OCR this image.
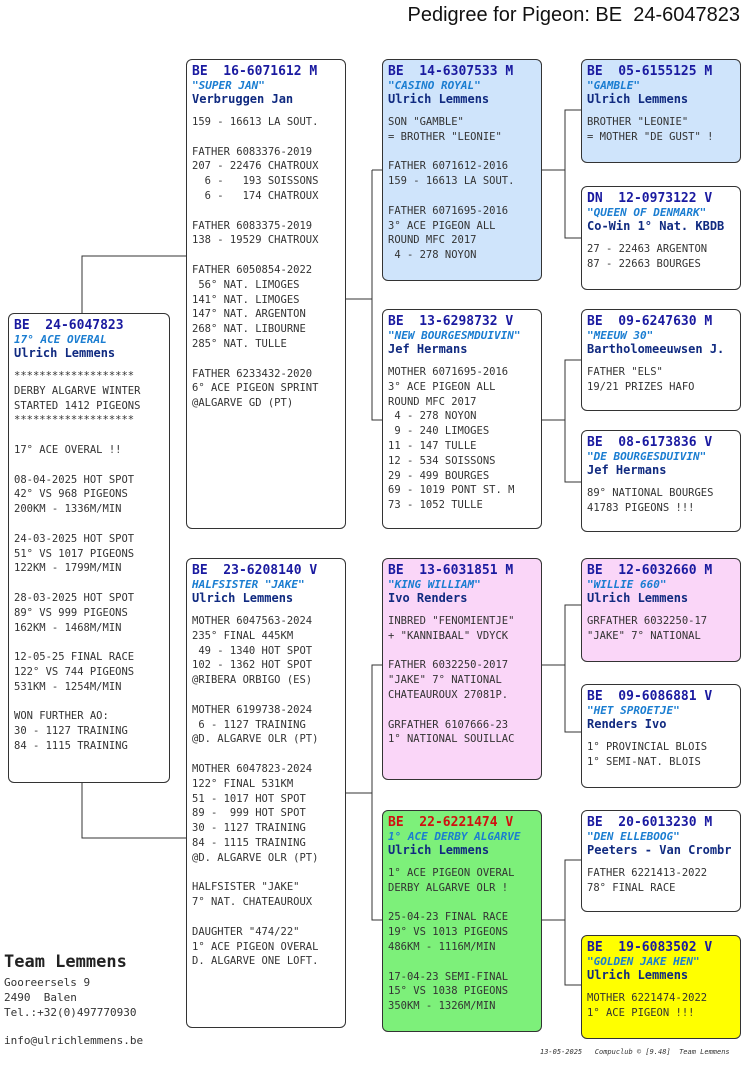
Pedigree for Pigeon: BE  24-6047823
BE  24-6047823
17° ACE OVERAL
Ulrich Lemmens
*******************
DERBY ALGARVE WINTER
STARTED 1412 PIGEONS
*******************
17° ACE OVERAL !!
08-04-2025 HOT SPOT
42° VS 968 PIGEONS
200KM - 1336M/MIN
24-03-2025 HOT SPOT
51° VS 1017 PIGEONS
122KM - 1799M/MIN
28-03-2025 HOT SPOT
89° VS 999 PIGEONS
162KM - 1468M/MIN
12-05-25 FINAL RACE
122° VS 744 PIGEONS
531KM - 1254M/MIN
WON FURTHER AO:
30 - 1127 TRAINING
84 - 1115 TRAINING
BE  16-6071612 M
"SUPER JAN"
Verbruggen Jan
159 - 16613 LA SOUT.
FATHER 6083376-2019
207 - 22476 CHATROUX
6 -   193 SOISSONS
6 -   174 CHATROUX
FATHER 6083375-2019
138 - 19529 CHATROUX
FATHER 6050854-2022
56° NAT. LIMOGES
141° NAT. LIMOGES
147° NAT. ARGENTON
268° NAT. LIBOURNE
285° NAT. TULLE
FATHER 6233432-2020
6° ACE PIGEON SPRINT
@ALGARVE GD (PT)
BE  23-6208140 V
HALFSISTER "JAKE"
Ulrich Lemmens
MOTHER 6047563-2024
235° FINAL 445KM
49 - 1340 HOT SPOT
102 - 1362 HOT SPOT
@RIBERA ORBIGO (ES)
MOTHER 6199738-2024
6 - 1127 TRAINING
@D. ALGARVE OLR (PT)
MOTHER 6047823-2024
122° FINAL 531KM
51 - 1017 HOT SPOT
89 -  999 HOT SPOT
30 - 1127 TRAINING
84 - 1115 TRAINING
@D. ALGARVE OLR (PT)
HALFSISTER "JAKE"
7° NAT. CHATEAUROUX
DAUGHTER "474/22"
1° ACE PIGEON OVERAL
D. ALGARVE ONE LOFT.
BE  14-6307533 M
"CASINO ROYAL"
Ulrich Lemmens
SON "GAMBLE"
= BROTHER "LEONIE"
FATHER 6071612-2016
159 - 16613 LA SOUT.
FATHER 6071695-2016
3° ACE PIGEON ALL
ROUND MFC 2017
4 - 278 NOYON
BE  13-6298732 V
"NEW BOURGESMDUIVIN"
Jef Hermans
MOTHER 6071695-2016
3° ACE PIGEON ALL
ROUND MFC 2017
4 - 278 NOYON
9 - 240 LIMOGES
11 - 147 TULLE
12 - 534 SOISSONS
29 - 499 BOURGES
69 - 1019 PONT ST. M
73 - 1052 TULLE
BE  13-6031851 M
"KING WILLIAM"
Ivo Renders
INBRED "FENOMIENTJE"
+ "KANNIBAAL" VDYCK
FATHER 6032250-2017
"JAKE" 7° NATIONAL
CHATEAUROUX 27081P.
GRFATHER 6107666-23
1° NATIONAL SOUILLAC
BE  22-6221474 V
1° ACE DERBY ALGARVE
Ulrich Lemmens
1° ACE PIGEON OVERAL
DERBY ALGARVE OLR !
25-04-23 FINAL RACE
19° VS 1013 PIGEONS
486KM - 1116M/MIN
17-04-23 SEMI-FINAL
15° VS 1038 PIGEONS
350KM - 1326M/MIN
BE  05-6155125 M
"GAMBLE"
Ulrich Lemmens
BROTHER "LEONIE"
= MOTHER "DE GUST" !
DN  12-0973122 V
"QUEEN OF DENMARK"
Co-Win 1° Nat. KBDB
27 - 22463 ARGENTON
87 - 22663 BOURGES
BE  09-6247630 M
"MEEUW 30"
Bartholomeeuwsen J.
FATHER "ELS"
19/21 PRIZES HAFO
BE  08-6173836 V
"DE BOURGESDUIVIN"
Jef Hermans
89° NATIONAL BOURGES
41783 PIGEONS !!!
BE  12-6032660 M
"WILLIE 660"
Ulrich Lemmens
GRFATHER 6032250-17
"JAKE" 7° NATIONAL
BE  09-6086881 V
"HET SPROETJE"
Renders Ivo
1° PROVINCIAL BLOIS
1° SEMI-NAT. BLOIS
BE  20-6013230 M
"DEN ELLEBOOG"
Peeters - Van Crombr
FATHER 6221413-2022
78° FINAL RACE
BE  19-6083502 V
"GOLDEN JAKE HEN"
Ulrich Lemmens
MOTHER 6221474-2022
1° ACE PIGEON !!!
Team Lemmens
Gooreersels 9
2490  Balen
Tel.:+32(0)497770930
info@ulrichlemmens.be
13-05-2025   Compuclub © [9.48]  Team Lemmens
